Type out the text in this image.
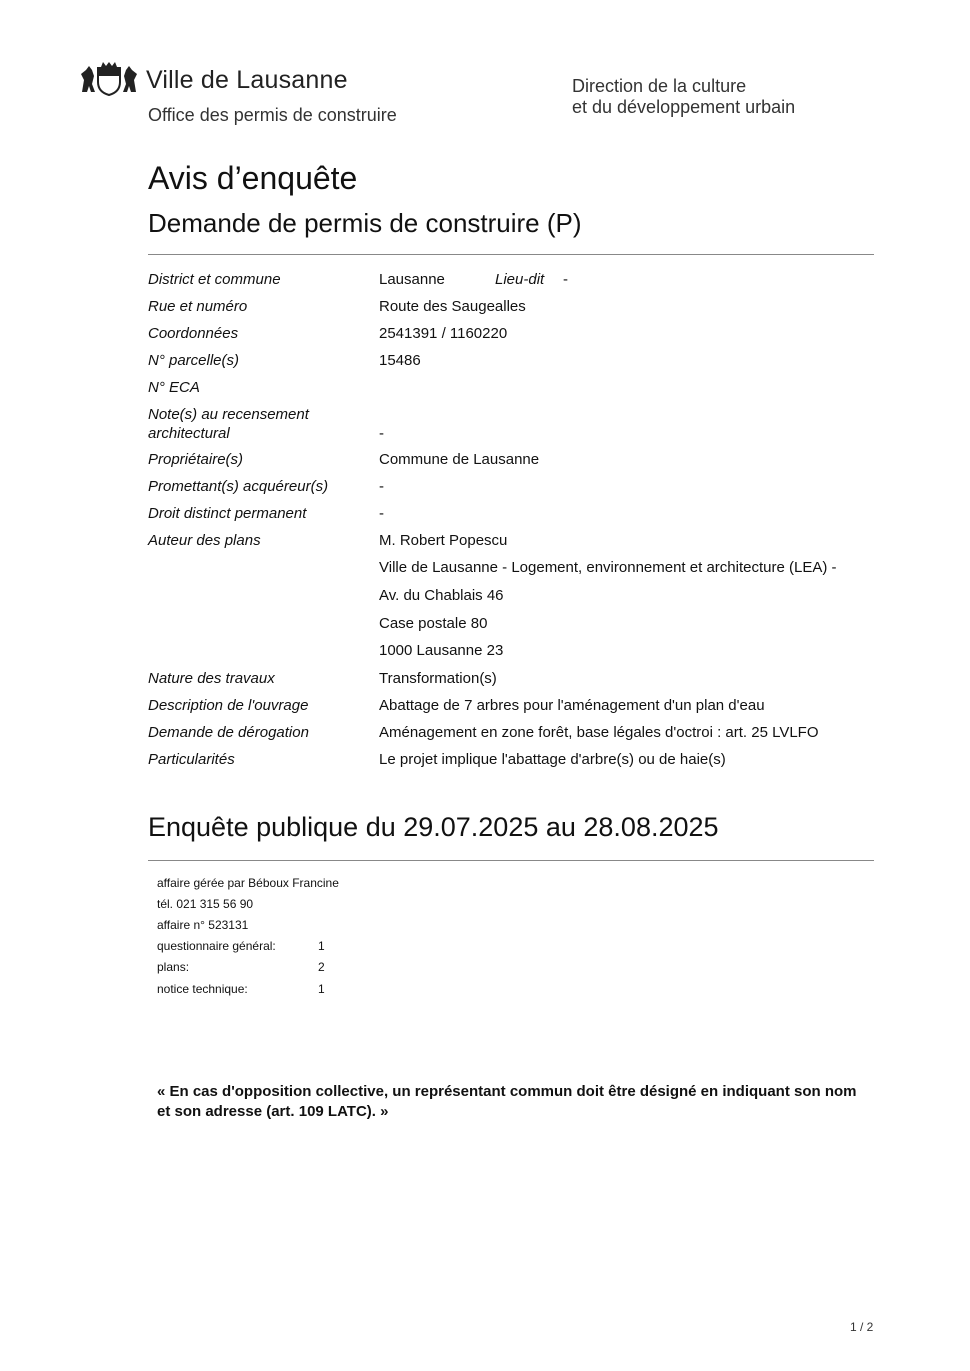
Ville de Lausanne
Office des permis de construire
Direction de la culture
et du développement urbain
Avis d’enquête
Demande de permis de construire (P)
District et commune	Lausanne	Lieu-dit -
Rue et numéro	Route des Saugealles
Coordonnées	2541391 / 1160220
N° parcelle(s)	15486
N° ECA
Note(s) au recensement
architectural	-
Propriétaire(s)	Commune de Lausanne
Promettant(s) acquéreur(s)	-
Droit distinct permanent	-
Auteur des plans	M. Robert Popescu
Ville de Lausanne - Logement, environnement et architecture (LEA) -
Av. du Chablais 46
Case postale 80
1000 Lausanne 23
Nature des travaux	Transformation(s)
Description de l'ouvrage	Abattage de 7 arbres pour l'aménagement d'un plan d'eau
Demande de dérogation	Aménagement en zone forêt, base légales d'octroi : art. 25 LVLFO
Particularités	Le projet implique l'abattage d'arbre(s) ou de haie(s)
Enquête publique du 29.07.2025 au 28.08.2025
affaire gérée par Béboux Francine
tél. 021 315 56 90
affaire n° 523131
questionnaire général:	1
plans:	2
notice technique:	1
« En cas d'opposition collective, un représentant commun doit être désigné en indiquant son nom et son adresse (art. 109 LATC). »
1 / 2
